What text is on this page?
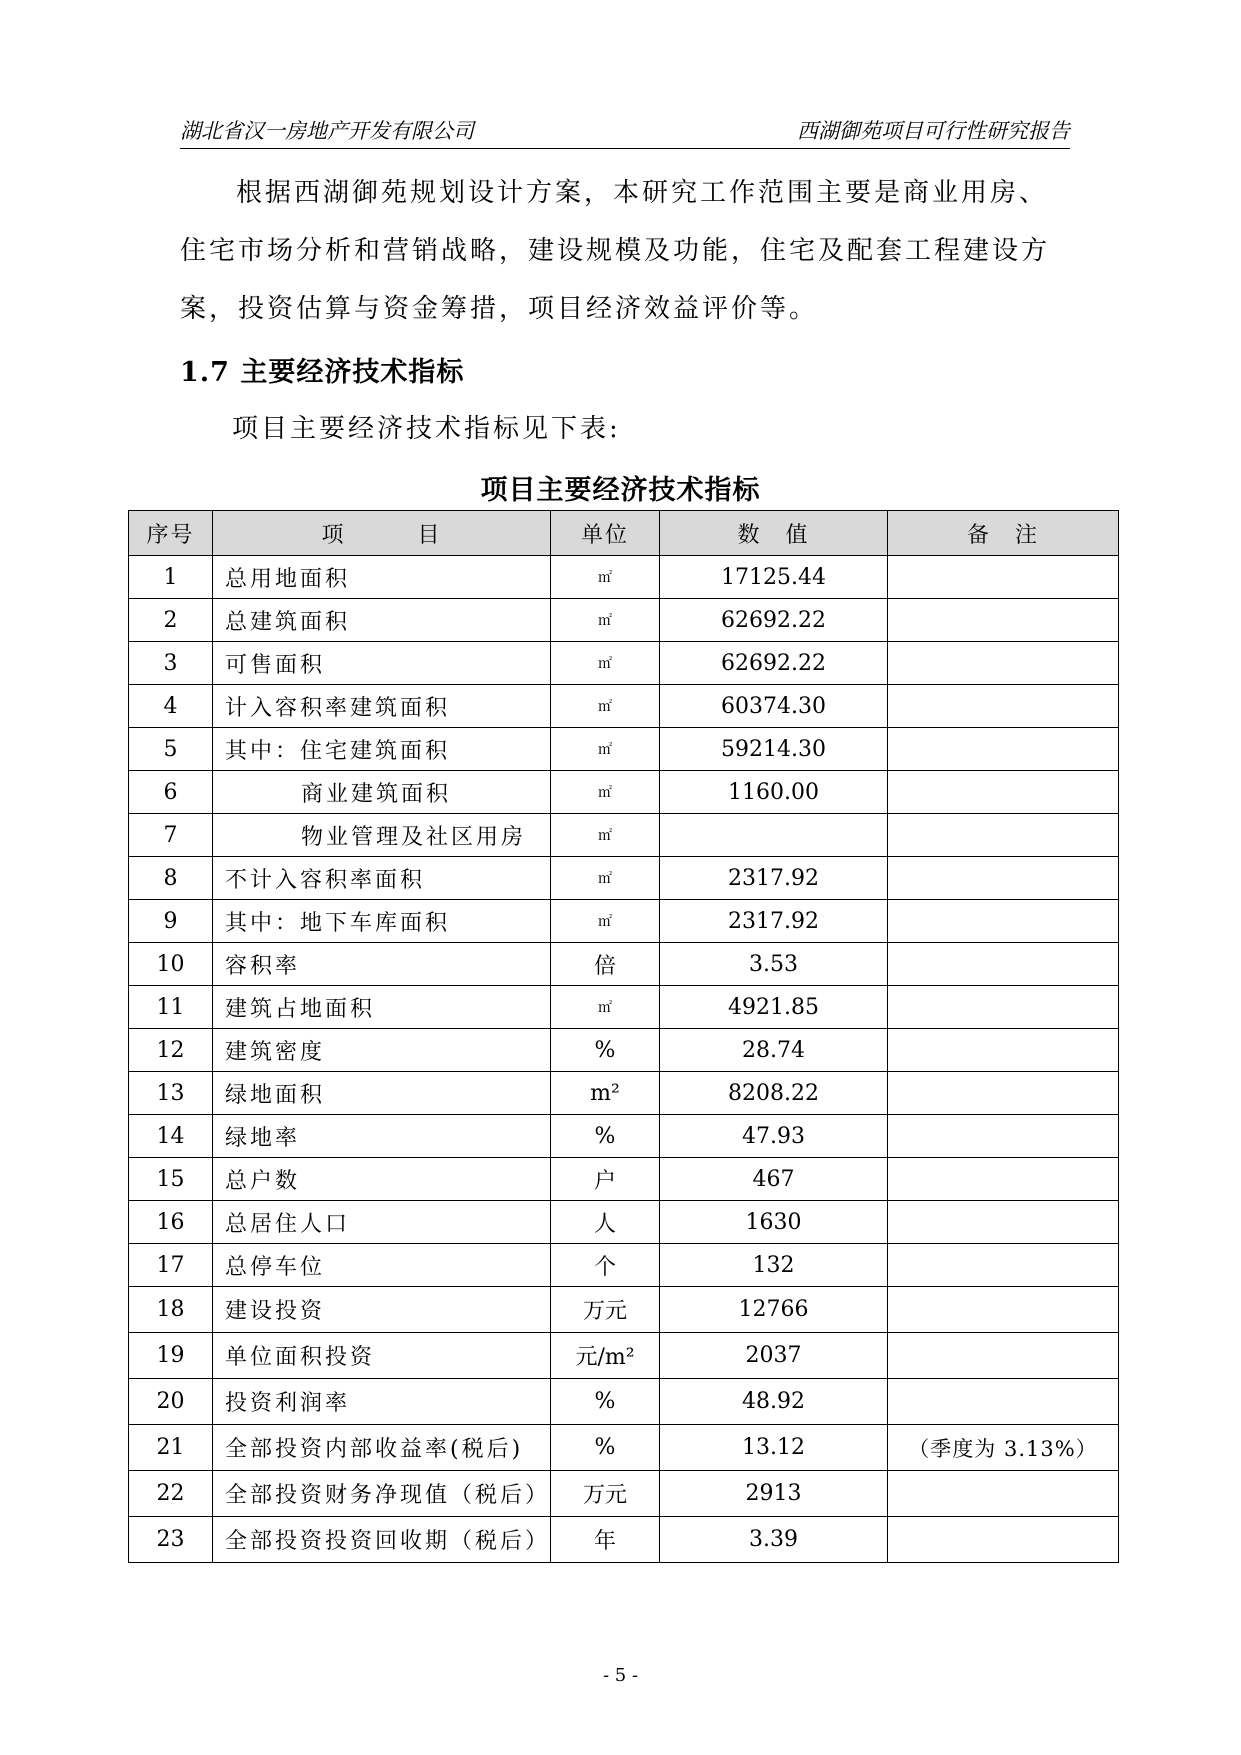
湖北省汉一房地产开发有限公司	西湖御苑项目可行性研究报告
根据西湖御苑规划设计方案，本研究工作范围主要是商业用房、
住宅市场分析和营销战略，建设规模及功能，住宅及配套工程建设方
案，投资估算与资金筹措，项目经济效益评价等。
1.7 主要经济技术指标
项目主要经济技术指标见下表:
项目主要经济技术指标
序号	项　　　目	单位	数　值	备　注
1	总用地面积	㎡	17125.44	
2	总建筑面积	㎡	62692.22	
3	可售面积	㎡	62692.22	
4	计入容积率建筑面积	㎡	60374.30	
5	其中：住宅建筑面积	㎡	59214.30	
6	商业建筑面积	㎡	1160.00	
7	物业管理及社区用房	㎡		
8	不计入容积率面积	㎡	2317.92	
9	其中：地下车库面积	㎡	2317.92	
10	容积率	倍	3.53	
11	建筑占地面积	㎡	4921.85	
12	建筑密度	%	28.74	
13	绿地面积	m²	8208.22	
14	绿地率	%	47.93	
15	总户数	户	467	
16	总居住人口	人	1630	
17	总停车位	个	132	
18	建设投资	万元	12766	
19	单位面积投资	元/m²	2037	
20	投资利润率	%	48.92	
21	全部投资内部收益率(税后)	%	13.12	（季度为 3.13%）
22	全部投资财务净现值（税后）	万元	2913	
23	全部投资投资回收期（税后）	年	3.39	
- 5 -
